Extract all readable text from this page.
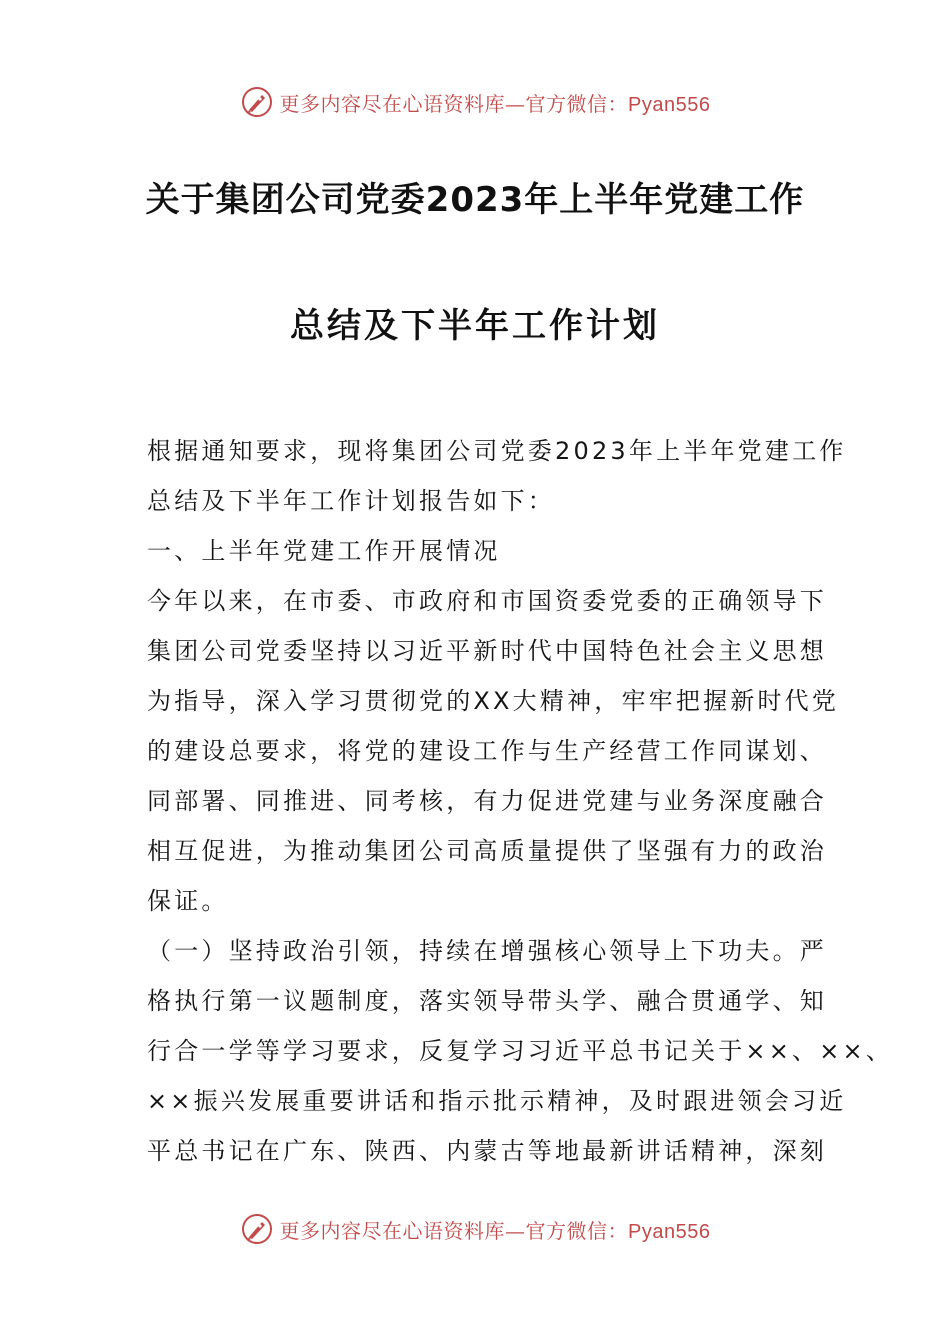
更多内容尽在心语资料库—官方微信：Pyan556
关于集团公司党委2023年上半年党建工作
总结及下半年工作计划
根据通知要求，现将集团公司党委2023年上半年党建工作
总结及下半年工作计划报告如下：
一、上半年党建工作开展情况
今年以来，在市委、市政府和市国资委党委的正确领导下
集团公司党委坚持以习近平新时代中国特色社会主义思想
为指导，深入学习贯彻党的XX大精神，牢牢把握新时代党
的建设总要求，将党的建设工作与生产经营工作同谋划、
同部署、同推进、同考核，有力促进党建与业务深度融合
相互促进，为推动集团公司高质量提供了坚强有力的政治
保证。
（一）坚持政治引领，持续在增强核心领导上下功夫。严
格执行第一议题制度，落实领导带头学、融合贯通学、知
行合一学等学习要求，反复学习习近平总书记关于××、××、
××振兴发展重要讲话和指示批示精神，及时跟进领会习近
平总书记在广东、陕西、内蒙古等地最新讲话精神，深刻
更多内容尽在心语资料库—官方微信：Pyan556
